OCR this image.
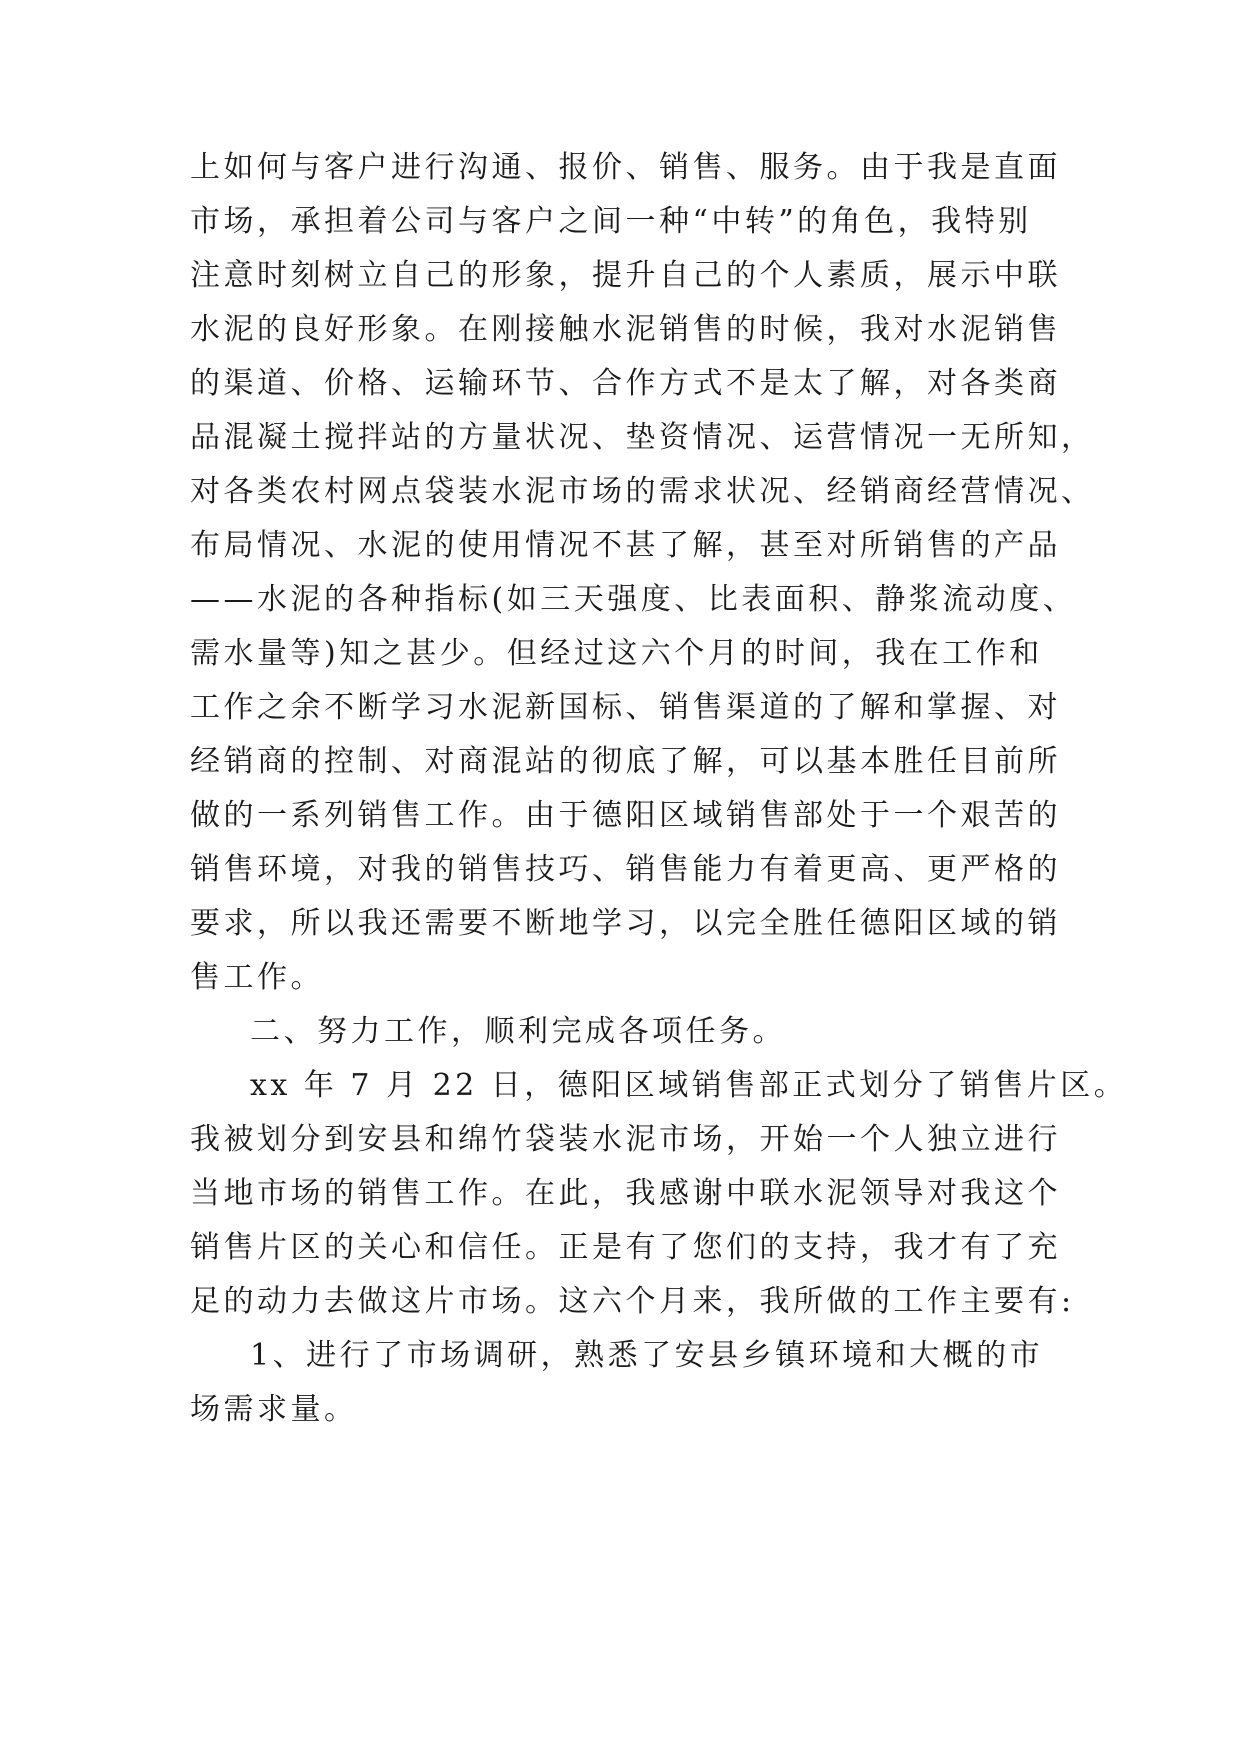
上如何与客户进行沟通、报价、销售、服务。由于我是直面
市场，承担着公司与客户之间一种“中转”的角色，我特别
注意时刻树立自己的形象，提升自己的个人素质，展示中联
水泥的良好形象。在刚接触水泥销售的时候，我对水泥销售
的渠道、价格、运输环节、合作方式不是太了解，对各类商
品混凝土搅拌站的方量状况、垫资情况、运营情况一无所知，
对各类农村网点袋装水泥市场的需求状况、经销商经营情况、
布局情况、水泥的使用情况不甚了解，甚至对所销售的产品
——水泥的各种指标(如三天强度、比表面积、静浆流动度、
需水量等)知之甚少。但经过这六个月的时间，我在工作和
工作之余不断学习水泥新国标、销售渠道的了解和掌握、对
经销商的控制、对商混站的彻底了解，可以基本胜任目前所
做的一系列销售工作。由于德阳区域销售部处于一个艰苦的
销售环境，对我的销售技巧、销售能力有着更高、更严格的
要求，所以我还需要不断地学习，以完全胜任德阳区域的销
售工作。
二、努力工作，顺利完成各项任务。
xx 年 7 月 22 日，德阳区域销售部正式划分了销售片区。
我被划分到安县和绵竹袋装水泥市场，开始一个人独立进行
当地市场的销售工作。在此，我感谢中联水泥领导对我这个
销售片区的关心和信任。正是有了您们的支持，我才有了充
足的动力去做这片市场。这六个月来，我所做的工作主要有:
1、进行了市场调研，熟悉了安县乡镇环境和大概的市
场需求量。
